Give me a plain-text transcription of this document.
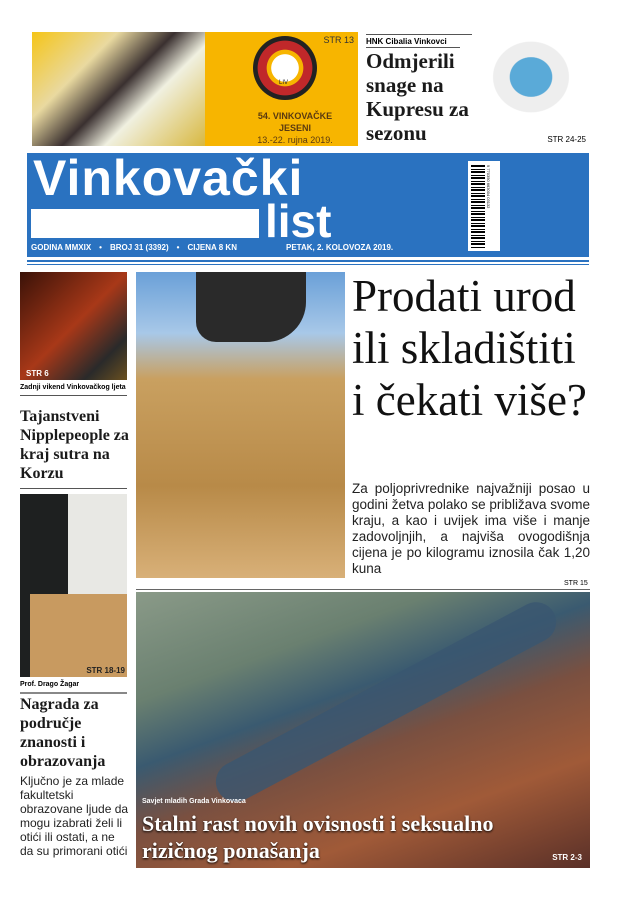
STR 13
LIV
54. VINKOVAČKE
JESENI
13.-22. rujna 2019.
HNK Cibalia Vinkovci
Odmjerili snage na Kupresu za sezonu	STR 24-25
Vinkovački
list
GODINA MMXIX • BROJ 31 (3392) • CIJENA 8 KN	PETAK, 2. KOLOVOZA 2019.
9 770350 663004 03132
STR 6
Zadnji vikend Vinkovačkog ljeta
Tajanstveni Nipplepeople za kraj sutra na Korzu
STR 18-19
Prof. Drago Žagar
Nagrada za područje znanosti i obrazovanja
Ključno je za mlade fakultetski obrazovane ljude da mogu izabrati želi li otići ili ostati, a ne da su primorani otići
Prodati urod ili skladištiti i čekati više?
Za poljoprivrednike najvažniji posao u godini žetva polako se približava svome kraju, a kao i uvijek ima više i manje zadovoljnjih, a najviša ovogodišnja cijena je po kilogramu iznosila čak 1,20 kuna
STR 15
Savjet mladih Grada Vinkovaca
Stalni rast novih ovisnosti i seksualno rizičnog ponašanja	STR 2-3
